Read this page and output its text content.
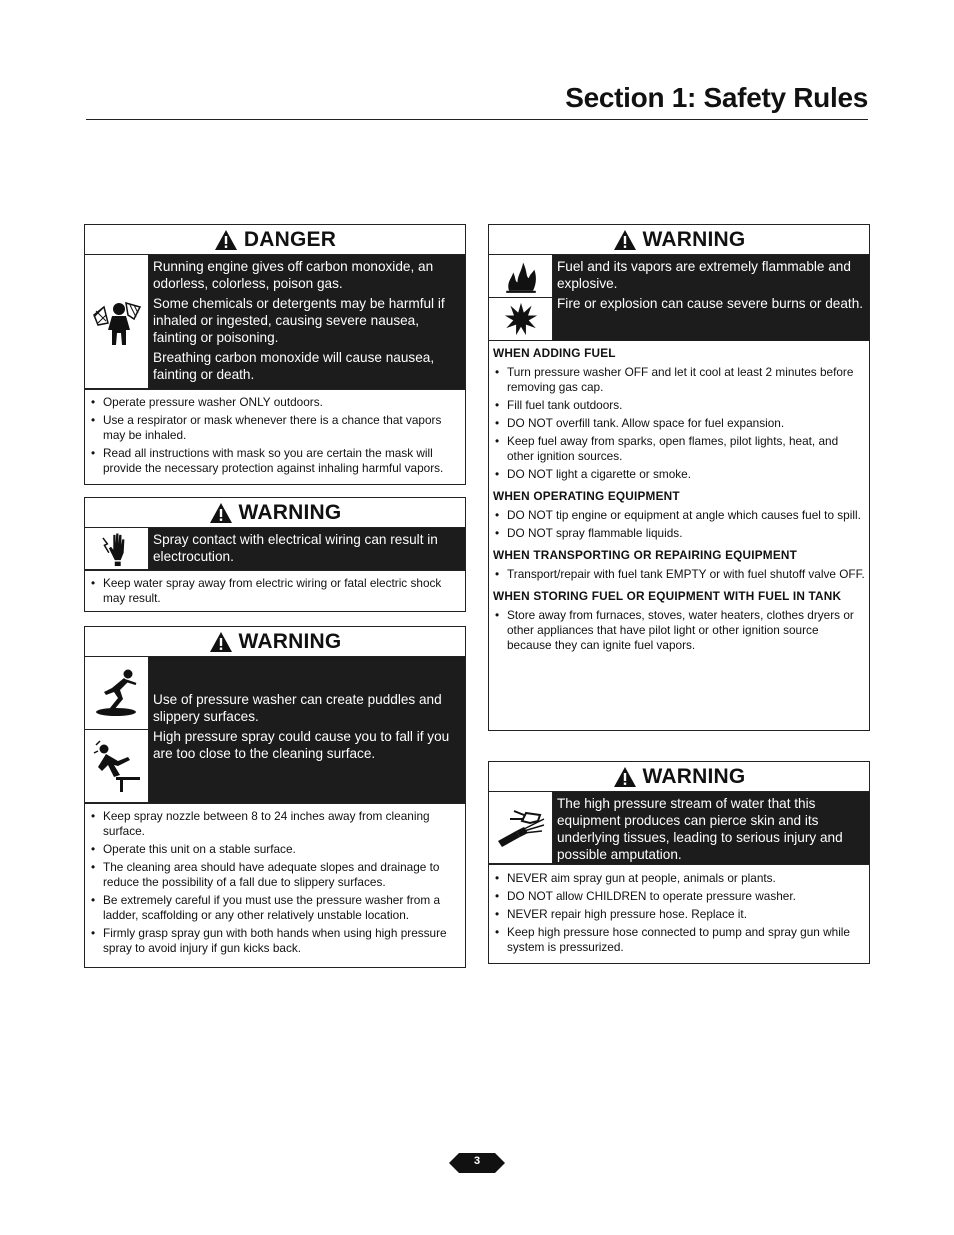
Section 1: Safety Rules
DANGER

Running engine gives off carbon monoxide, an odorless, colorless, poison gas.

Some chemicals or detergents may be harmful if inhaled or ingested, causing severe nausea, fainting or poisoning.

Breathing carbon monoxide will cause nausea, fainting or death.

• Operate pressure washer ONLY outdoors.
• Use a respirator or mask whenever there is a chance that vapors may be inhaled.
• Read all instructions with mask so you are certain the mask will provide the necessary protection against inhaling harmful vapors.
WARNING

Spray contact with electrical wiring can result in electrocution.

• Keep water spray away from electric wiring or fatal electric shock may result.
WARNING

Use of pressure washer can create puddles and slippery surfaces.

High pressure spray could cause you to fall if you are too close to the cleaning surface.

• Keep spray nozzle between 8 to 24 inches away from cleaning surface.
• Operate this unit on a stable surface.
• The cleaning area should have adequate slopes and drainage to reduce the possibility of a fall due to slippery surfaces.
• Be extremely careful if you must use the pressure washer from a ladder, scaffolding or any other relatively unstable location.
• Firmly grasp spray gun with both hands when using high pressure spray to avoid injury if gun kicks back.
WARNING

Fuel and its vapors are extremely flammable and explosive.

Fire or explosion can cause severe burns or death.

WHEN ADDING FUEL
• Turn pressure washer OFF and let it cool at least 2 minutes before removing gas cap.
• Fill fuel tank outdoors.
• DO NOT overfill tank. Allow space for fuel expansion.
• Keep fuel away from sparks, open flames, pilot lights, heat, and other ignition sources.
• DO NOT light a cigarette or smoke.
WHEN OPERATING EQUIPMENT
• DO NOT tip engine or equipment at angle which causes fuel to spill.
• DO NOT spray flammable liquids.
WHEN TRANSPORTING OR REPAIRING EQUIPMENT
• Transport/repair with fuel tank EMPTY or with fuel shutoff valve OFF.
WHEN STORING FUEL OR EQUIPMENT WITH FUEL IN TANK
• Store away from furnaces, stoves, water heaters, clothes dryers or other appliances that have pilot light or other ignition source because they can ignite fuel vapors.
WARNING

The high pressure stream of water that this equipment produces can pierce skin and its underlying tissues, leading to serious injury and possible amputation.

• NEVER aim spray gun at people, animals or plants.
• DO NOT allow CHILDREN to operate pressure washer.
• NEVER repair high pressure hose. Replace it.
• Keep high pressure hose connected to pump and spray gun while system is pressurized.
3
